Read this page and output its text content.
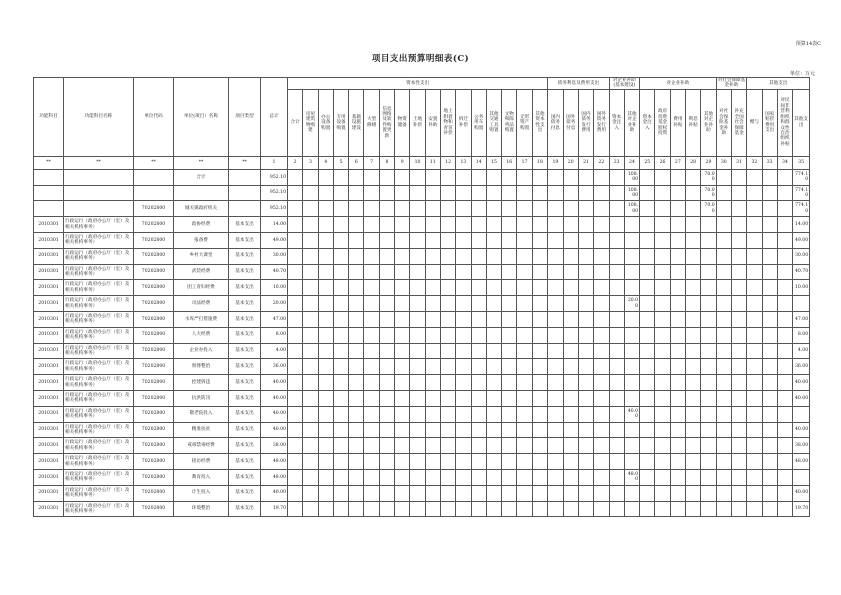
预算14表C
项目支出预算明细表(C)
单位：万元
功能科目	功能科目名称	单位代码	单位(项目）名称	项目类型	总计	资本性支出																	债务利息及费用支出				对企业补助(基本建设)		对企业补助					对社会保障基金补助		其他支出			
						合计	房屋建筑物购建	办公设备购置	专用设备购置	基础设施建设	大型修缮	信息网络及软件购置更新	物资储备	土地补偿	安置补助	地上附着物和青苗补偿	拆迁补偿	公务用车购置	其他交通工具购置	文物和陈列品购置	无形资产购置	其他资本性支出	国内债务付息	国外债务付息	国内债务发行费用	国外债务发行费用	资本金注入	其他对企业补助	资本金注入	政府投资基金股权投资	费用补贴	利息补贴	其他对企业补助	对社会保险基金补助	补充全国社会保障基金	赠与	国家赔偿费用支出	对民间非营利组织和群众性自治组织补贴	其他支出
**	**	**	**	**	1	2	3	4	5	6	7	8	9	10	11	12	13	14	15	16	17	18	19	20	21	22	23	24	25	26	27	28	29	30	31	32	33	34	35
			合计		952.10																							108.00					70.00						774.10
					952.10																							108.00					70.00						774.10
		70202800	城关镇政府机关		952.10																							108.00					70.00						774.10
2010301	行政运行（政府办公厅（室）及相关机构事务）	70202800	政协经费	基本支出	14.00																																		14.00
2010301	行政运行（政府办公厅（室）及相关机构事务）	70202800	报备费	基本支出	49.00																																		49.00
2010301	行政运行（政府办公厅（室）及相关机构事务）	70202800	乡村大课堂	基本支出	30.00																																		30.00
2010301	行政运行（政府办公厅（室）及相关机构事务）	70202800	武装经费	基本支出	40.70																																		40.70
2010301	行政运行（政府办公厅（室）及相关机构事务）	70202800	团工青妇经费	基本支出	10.00																																		10.00
2010301	行政运行（政府办公厅（室）及相关机构事务）	70202800	司法经费	基本支出	20.00																							20.00											
2010301	行政运行（政府办公厅（室）及相关机构事务）	70202800	水库严打措施费	基本支出	47.00																																		47.00
2010301	行政运行（政府办公厅（室）及相关机构事务）	70202800	人大经费	基本支出	8.00																																		8.00
2010301	行政运行（政府办公厅（室）及相关机构事务）	70202800	企业办投入	基本支出	4.00																																		4.00
2010301	行政运行（政府办公厅（室）及相关机构事务）	70202800	殡葬整治	基本支出	36.00																																		36.00
2010301	行政运行（政府办公厅（室）及相关机构事务）	70202800	控建拆违	基本支出	40.00																																		40.00
2010301	行政运行（政府办公厅（室）及相关机构事务）	70202800	抗洪防汛	基本支出	40.00																																		40.00
2010301	行政运行（政府办公厅（室）及相关机构事务）	70202800	敬老院投入	基本支出	40.00																							40.00											
2010301	行政运行（政府办公厅（室）及相关机构事务）	70202800	精准扶贫	基本支出	40.00																																		40.00
2010301	行政运行（政府办公厅（室）及相关机构事务）	70202800	戒毒禁毒经费	基本支出	38.00																																		38.00
2010301	行政运行（政府办公厅（室）及相关机构事务）	70202800	接访经费	基本支出	48.00																																		48.00
2010301	行政运行（政府办公厅（室）及相关机构事务）	70202800	教育投入	基本支出	48.00																							48.00											
2010301	行政运行（政府办公厅（室）及相关机构事务）	70202800	计生投入	基本支出	40.00																																		40.00
2010301	行政运行（政府办公厅（室）及相关机构事务）	70202800	环境整治	基本支出	19.70																																		19.70
